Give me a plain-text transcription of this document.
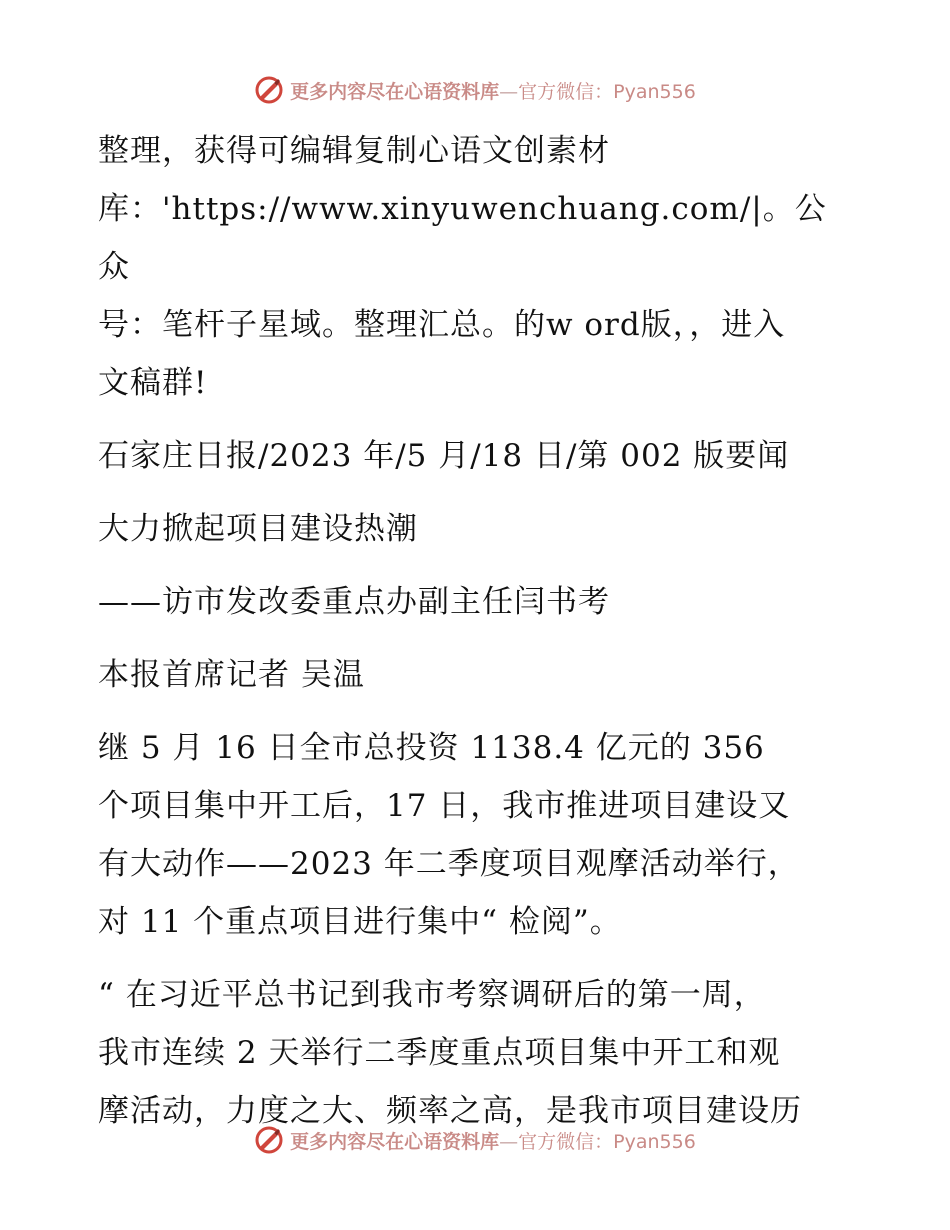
更多内容尽在心语资料库—官方微信：Pyan556
整理，获得可编辑复制心语文创素材
库：'https://www.xinyuwenchuang.com/|。公众
号：笔杆子星域。整理汇总。的w ord版，，进入
文稿群!
石家庄日报/2023 年/5 月/18 日/第 002 版要闻
大力掀起项目建设热潮
——访市发改委重点办副主任闫书考
本报首席记者 吴温
继 5 月 16 日全市总投资 1138.4 亿元的 356
个项目集中开工后，17 日，我市推进项目建设又
有大动作——2023 年二季度项目观摩活动举行，
对 11 个重点项目进行集中“ 检阅”。
“ 在习近平总书记到我市考察调研后的第一周，
我市连续 2 天举行二季度重点项目集中开工和观
摩活动，力度之大、频率之高，是我市项目建设历
更多内容尽在心语资料库—官方微信：Pyan556
